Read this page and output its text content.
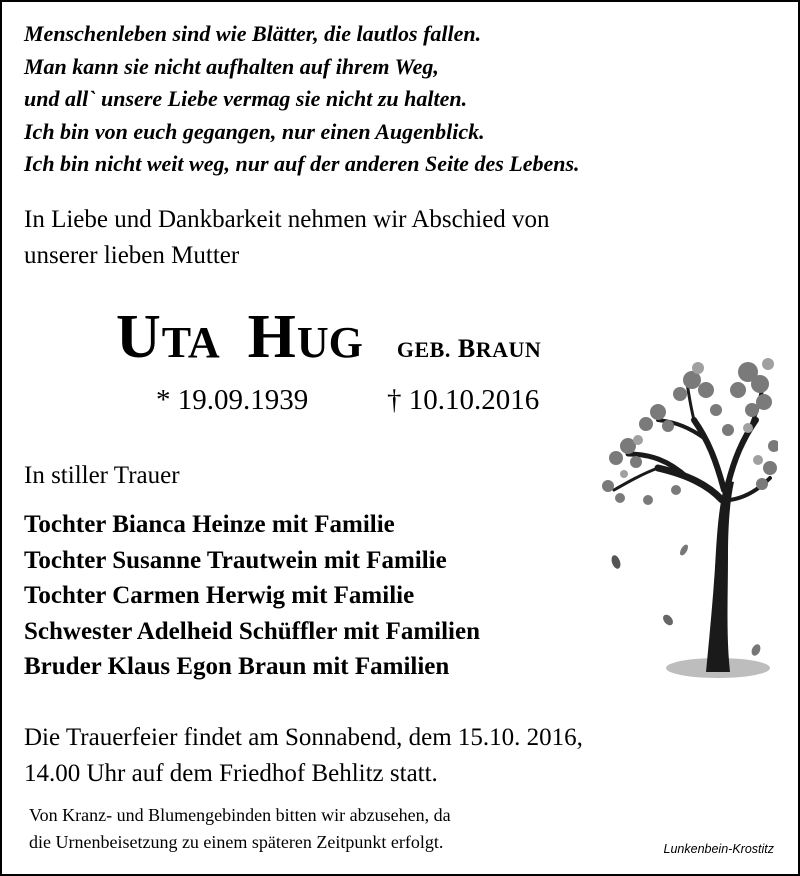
Menschenleben sind wie Blätter, die lautlos fallen.
Man kann sie nicht aufhalten auf ihrem Weg,
und all` unsere Liebe vermag sie nicht zu halten.
Ich bin von euch gegangen, nur einen Augenblick.
Ich bin nicht weit weg, nur auf der anderen Seite des Lebens.
In Liebe und Dankbarkeit nehmen wir Abschied von
unserer lieben Mutter
UTA HUG GEB. BRAUN
* 19.09.1939	† 10.10.2016
In stiller Trauer
Tochter Bianca Heinze mit Familie
Tochter Susanne Trautwein mit Familie
Tochter Carmen Herwig mit Familie
Schwester Adelheid Schüffler mit Familien
Bruder Klaus Egon Braun mit Familien
Die Trauerfeier findet am Sonnabend, dem 15.10. 2016,
14.00 Uhr auf dem Friedhof Behlitz statt.
Von Kranz- und Blumengebinden bitten wir abzusehen, da
die Urnenbeisetzung zu einem späteren Zeitpunkt erfolgt.	Lunkenbein-Krostitz
